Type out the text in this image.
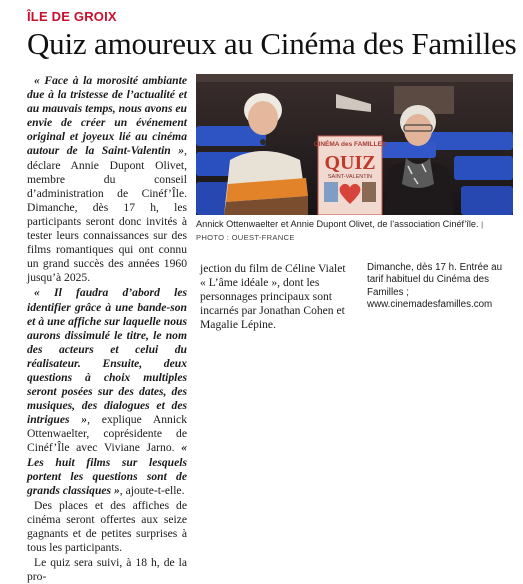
ÎLE DE GROIX
Quiz amoureux au Cinéma des Familles

« Face à la morosité ambiante due à la tristesse de l’actualité et au mauvais temps, nous avons eu envie de créer un événement original et joyeux lié au cinéma autour de la Saint-Valentin », déclare Annie Dupont Olivet, membre du conseil d’administration de Cinéf’Île. Dimanche, dès 17 h, les participants seront donc invités à tester leurs connaissances sur des films romantiques qui ont connu un grand succès des années 1960 jusqu’à 2025.

« Il faudra d’abord les identifier grâce à une bande-son et à une affiche sur laquelle nous aurons dissimulé le titre, le nom des acteurs et celui du réalisateur. Ensuite, deux questions à choix multiples seront posées sur des dates, des musiques, des dialogues et des intrigues », explique Annick Ottenwaelter, coprésidente de Cinéf’Île avec Viviane Jarno. « Les huit films sur lesquels portent les questions sont de grands classiques », ajoute-t-elle.

Des places et des affiches de cinéma seront offertes aux seize gagnants et de petites surprises à tous les participants.

Le quiz sera suivi, à 18 h, de la pro-

CINÉMA des FAMILLES
QUIZ
SAINT-VALENTIN
Annick Ottenwaelter et Annie Dupont Olivet, de l’association Cinéf’île. | PHOTO : OUEST-FRANCE

jection du film de Céline Vialet « L’âme idéale », dont les personnages principaux sont incarnés par Jonathan Cohen et Magalie Lépine.

Dimanche, dès 17 h. Entrée au tarif habituel du Cinéma des Familles ;

www.cinemadesfamilles.com
